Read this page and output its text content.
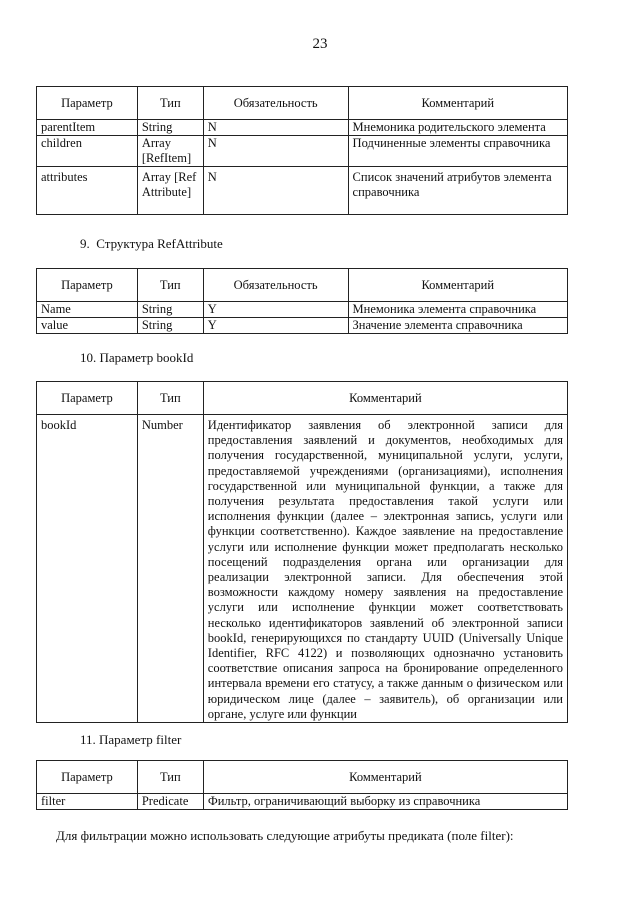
23
Параметр	Тип	Обязательность	Комментарий
parentItem	String	N	Мнемоника родительского элемента
children	Array [RefItem]	N	Подчиненные элементы справочника
attributes	Array [RefAttribute]	N	Список значений атрибутов элемента справочника
9.  Структура RefAttribute
Параметр	Тип	Обязательность	Комментарий
Name	String	Y	Мнемоника элемента справочника
value	String	Y	Значение элемента справочника
10. Параметр bookId
Параметр	Тип	Комментарий
bookId	Number	Идентификатор заявления об электронной записи для предоставления заявлений и документов, необходимых для получения государственной, муниципальной услуги, услуги, предоставляемой учреждениями (организациями), исполнения государственной или муниципальной функции, а также для получения результата предоставления такой услуги или исполнения функции (далее – электронная запись, услуги или функции соответственно). Каждое заявление на предоставление услуги или исполнение функции может предполагать несколько посещений подразделения органа или организации для реализации электронной записи. Для обеспечения этой возможности каждому номеру заявления на предоставление услуги или исполнение функции может соответствовать несколько идентификаторов заявлений об электронной записи bookId, генерирующихся по стандарту UUID (Universally Unique Identifier, RFC 4122) и позволяющих однозначно установить соответствие описания запроса на бронирование определенного интервала времени его статусу, а также данным о физическом или юридическом лице (далее – заявитель), об организации или органе, услуге или функции
11. Параметр filter
Параметр	Тип	Комментарий
filter	Predicate	Фильтр, ограничивающий выборку из справочника

Для фильтрации можно использовать следующие атрибуты предиката (поле filter):
